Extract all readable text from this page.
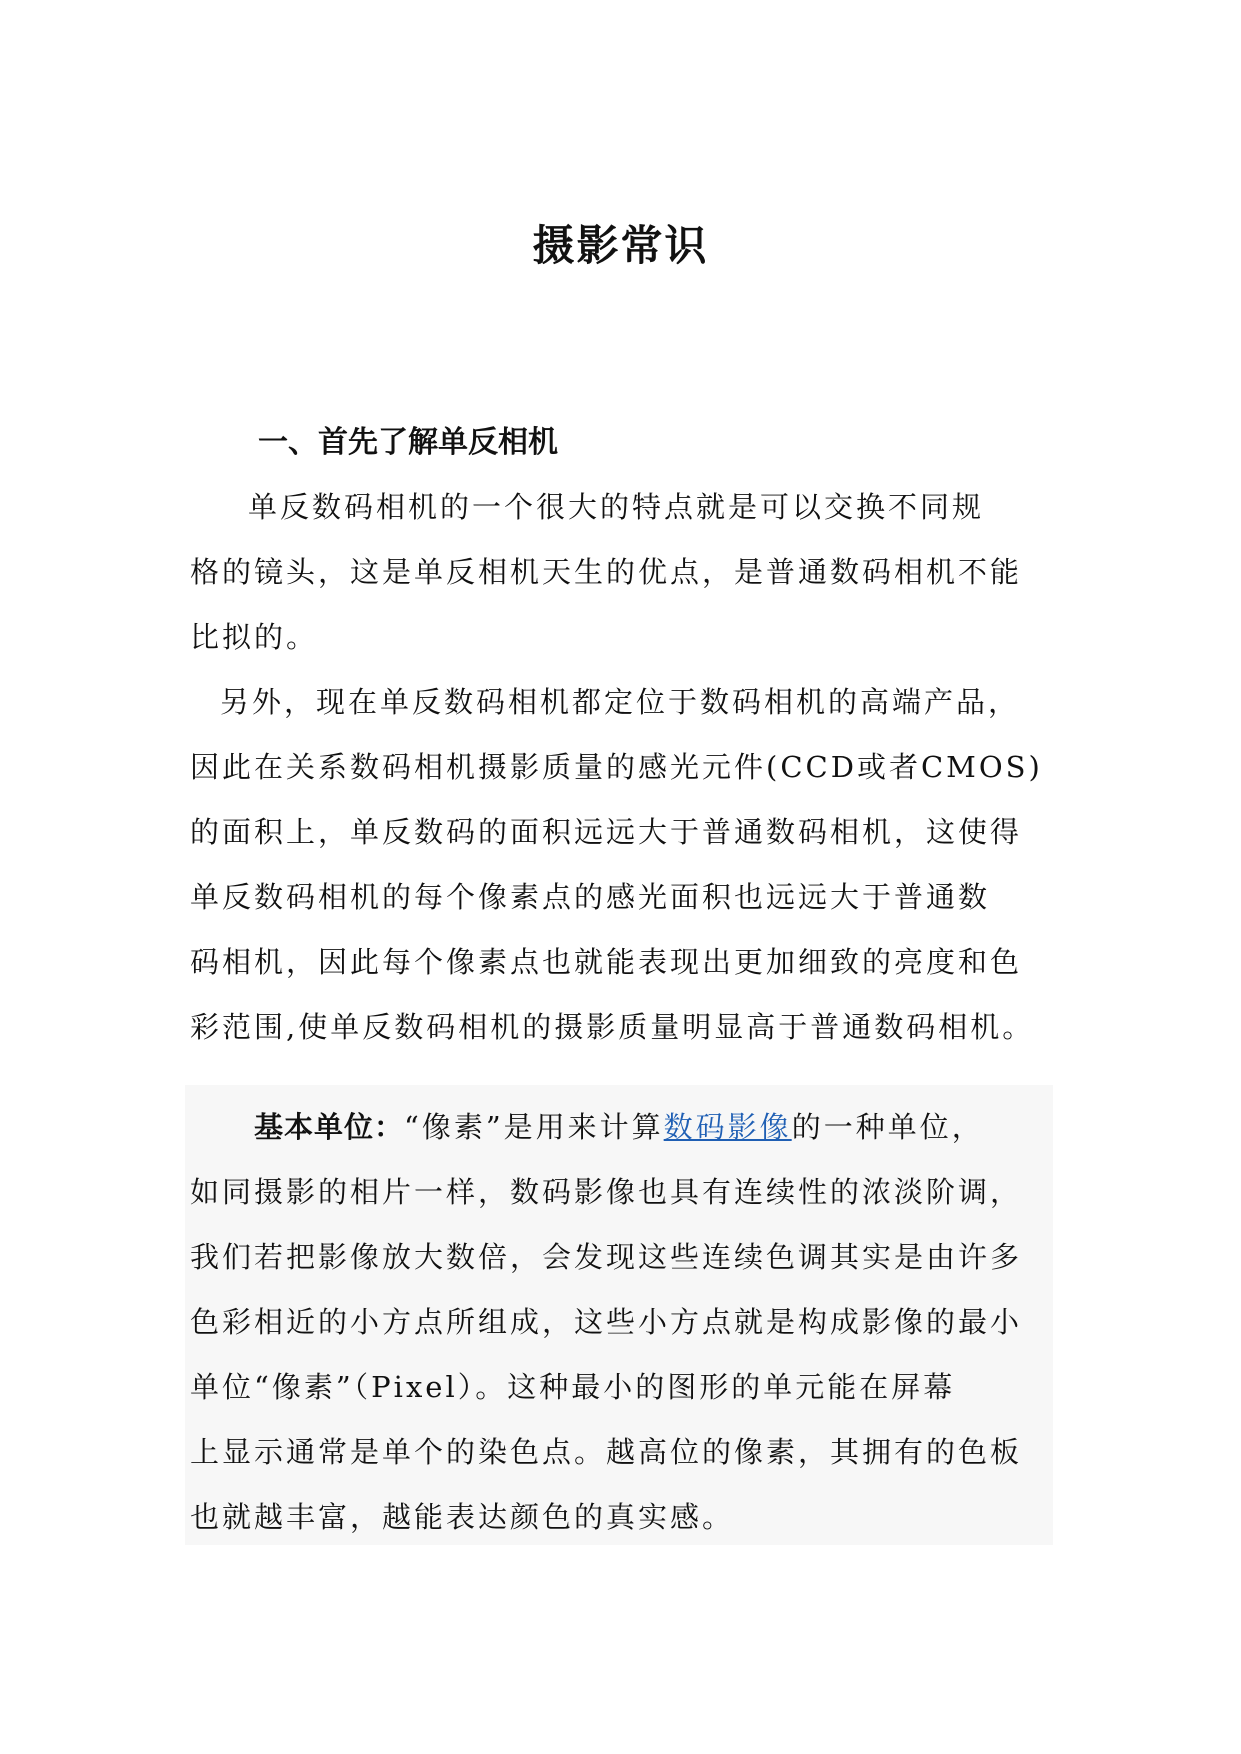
摄影常识
一、首先了解单反相机

单反数码相机的一个很大的特点就是可以交换不同规
格的镜头，这是单反相机天生的优点，是普通数码相机不能
比拟的。

另外，现在单反数码相机都定位于数码相机的高端产品，
因此在关系数码相机摄影质量的感光元件(CCD或者CMOS)
的面积上，单反数码的面积远远大于普通数码相机，这使得
单反数码相机的每个像素点的感光面积也远远大于普通数
码相机，因此每个像素点也就能表现出更加细致的亮度和色
彩范围,使单反数码相机的摄影质量明显高于普通数码相机。

基本单位：“像素”是用来计算数码影像的一种单位，
如同摄影的相片一样，数码影像也具有连续性的浓淡阶调，
我们若把影像放大数倍，会发现这些连续色调其实是由许多
色彩相近的小方点所组成，这些小方点就是构成影像的最小
单位“像素”（Pixel）。这种最小的图形的单元能在屏幕
上显示通常是单个的染色点。越高位的像素，其拥有的色板
也就越丰富，越能表达颜色的真实感。
